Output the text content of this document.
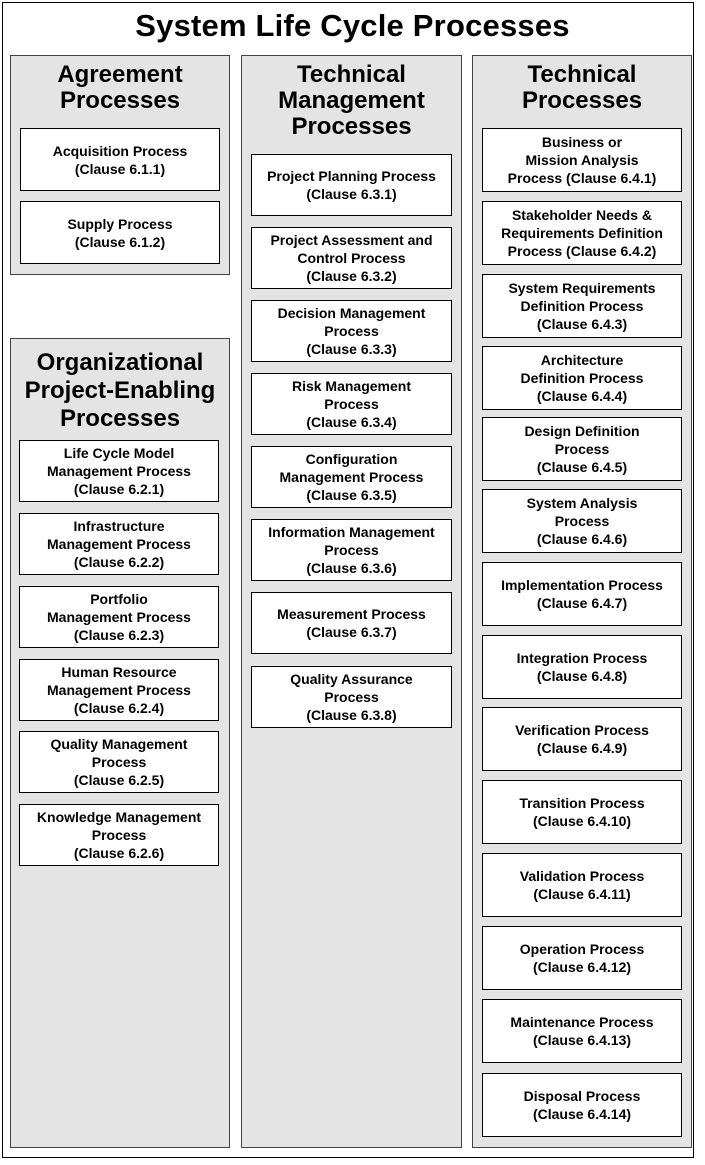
System Life Cycle Processes
Agreement
Processes
Acquisition Process
(Clause 6.1.1)
Supply Process
(Clause 6.1.2)
Organizational
Project-Enabling
Processes
Life Cycle Model
Management Process
(Clause 6.2.1)
Infrastructure
Management Process
(Clause 6.2.2)
Portfolio
Management Process
(Clause 6.2.3)
Human Resource
Management Process
(Clause 6.2.4)
Quality Management
Process
(Clause 6.2.5)
Knowledge Management
Process
(Clause 6.2.6)
Technical
Management
Processes
Project Planning Process
(Clause 6.3.1)
Project Assessment and
Control Process
(Clause 6.3.2)
Decision Management
Process
(Clause 6.3.3)
Risk Management
Process
(Clause 6.3.4)
Configuration
Management Process
(Clause 6.3.5)
Information Management
Process
(Clause 6.3.6)
Measurement Process
(Clause 6.3.7)
Quality Assurance
Process
(Clause 6.3.8)
Technical
Processes
Business or
Mission Analysis
Process (Clause 6.4.1)
Stakeholder Needs &
Requirements Definition
Process (Clause 6.4.2)
System Requirements
Definition Process
(Clause 6.4.3)
Architecture
Definition Process
(Clause 6.4.4)
Design Definition
Process
(Clause 6.4.5)
System Analysis
Process
(Clause 6.4.6)
Implementation Process
(Clause 6.4.7)
Integration Process
(Clause 6.4.8)
Verification Process
(Clause 6.4.9)
Transition Process
(Clause 6.4.10)
Validation Process
(Clause 6.4.11)
Operation Process
(Clause 6.4.12)
Maintenance Process
(Clause 6.4.13)
Disposal Process
(Clause 6.4.14)
